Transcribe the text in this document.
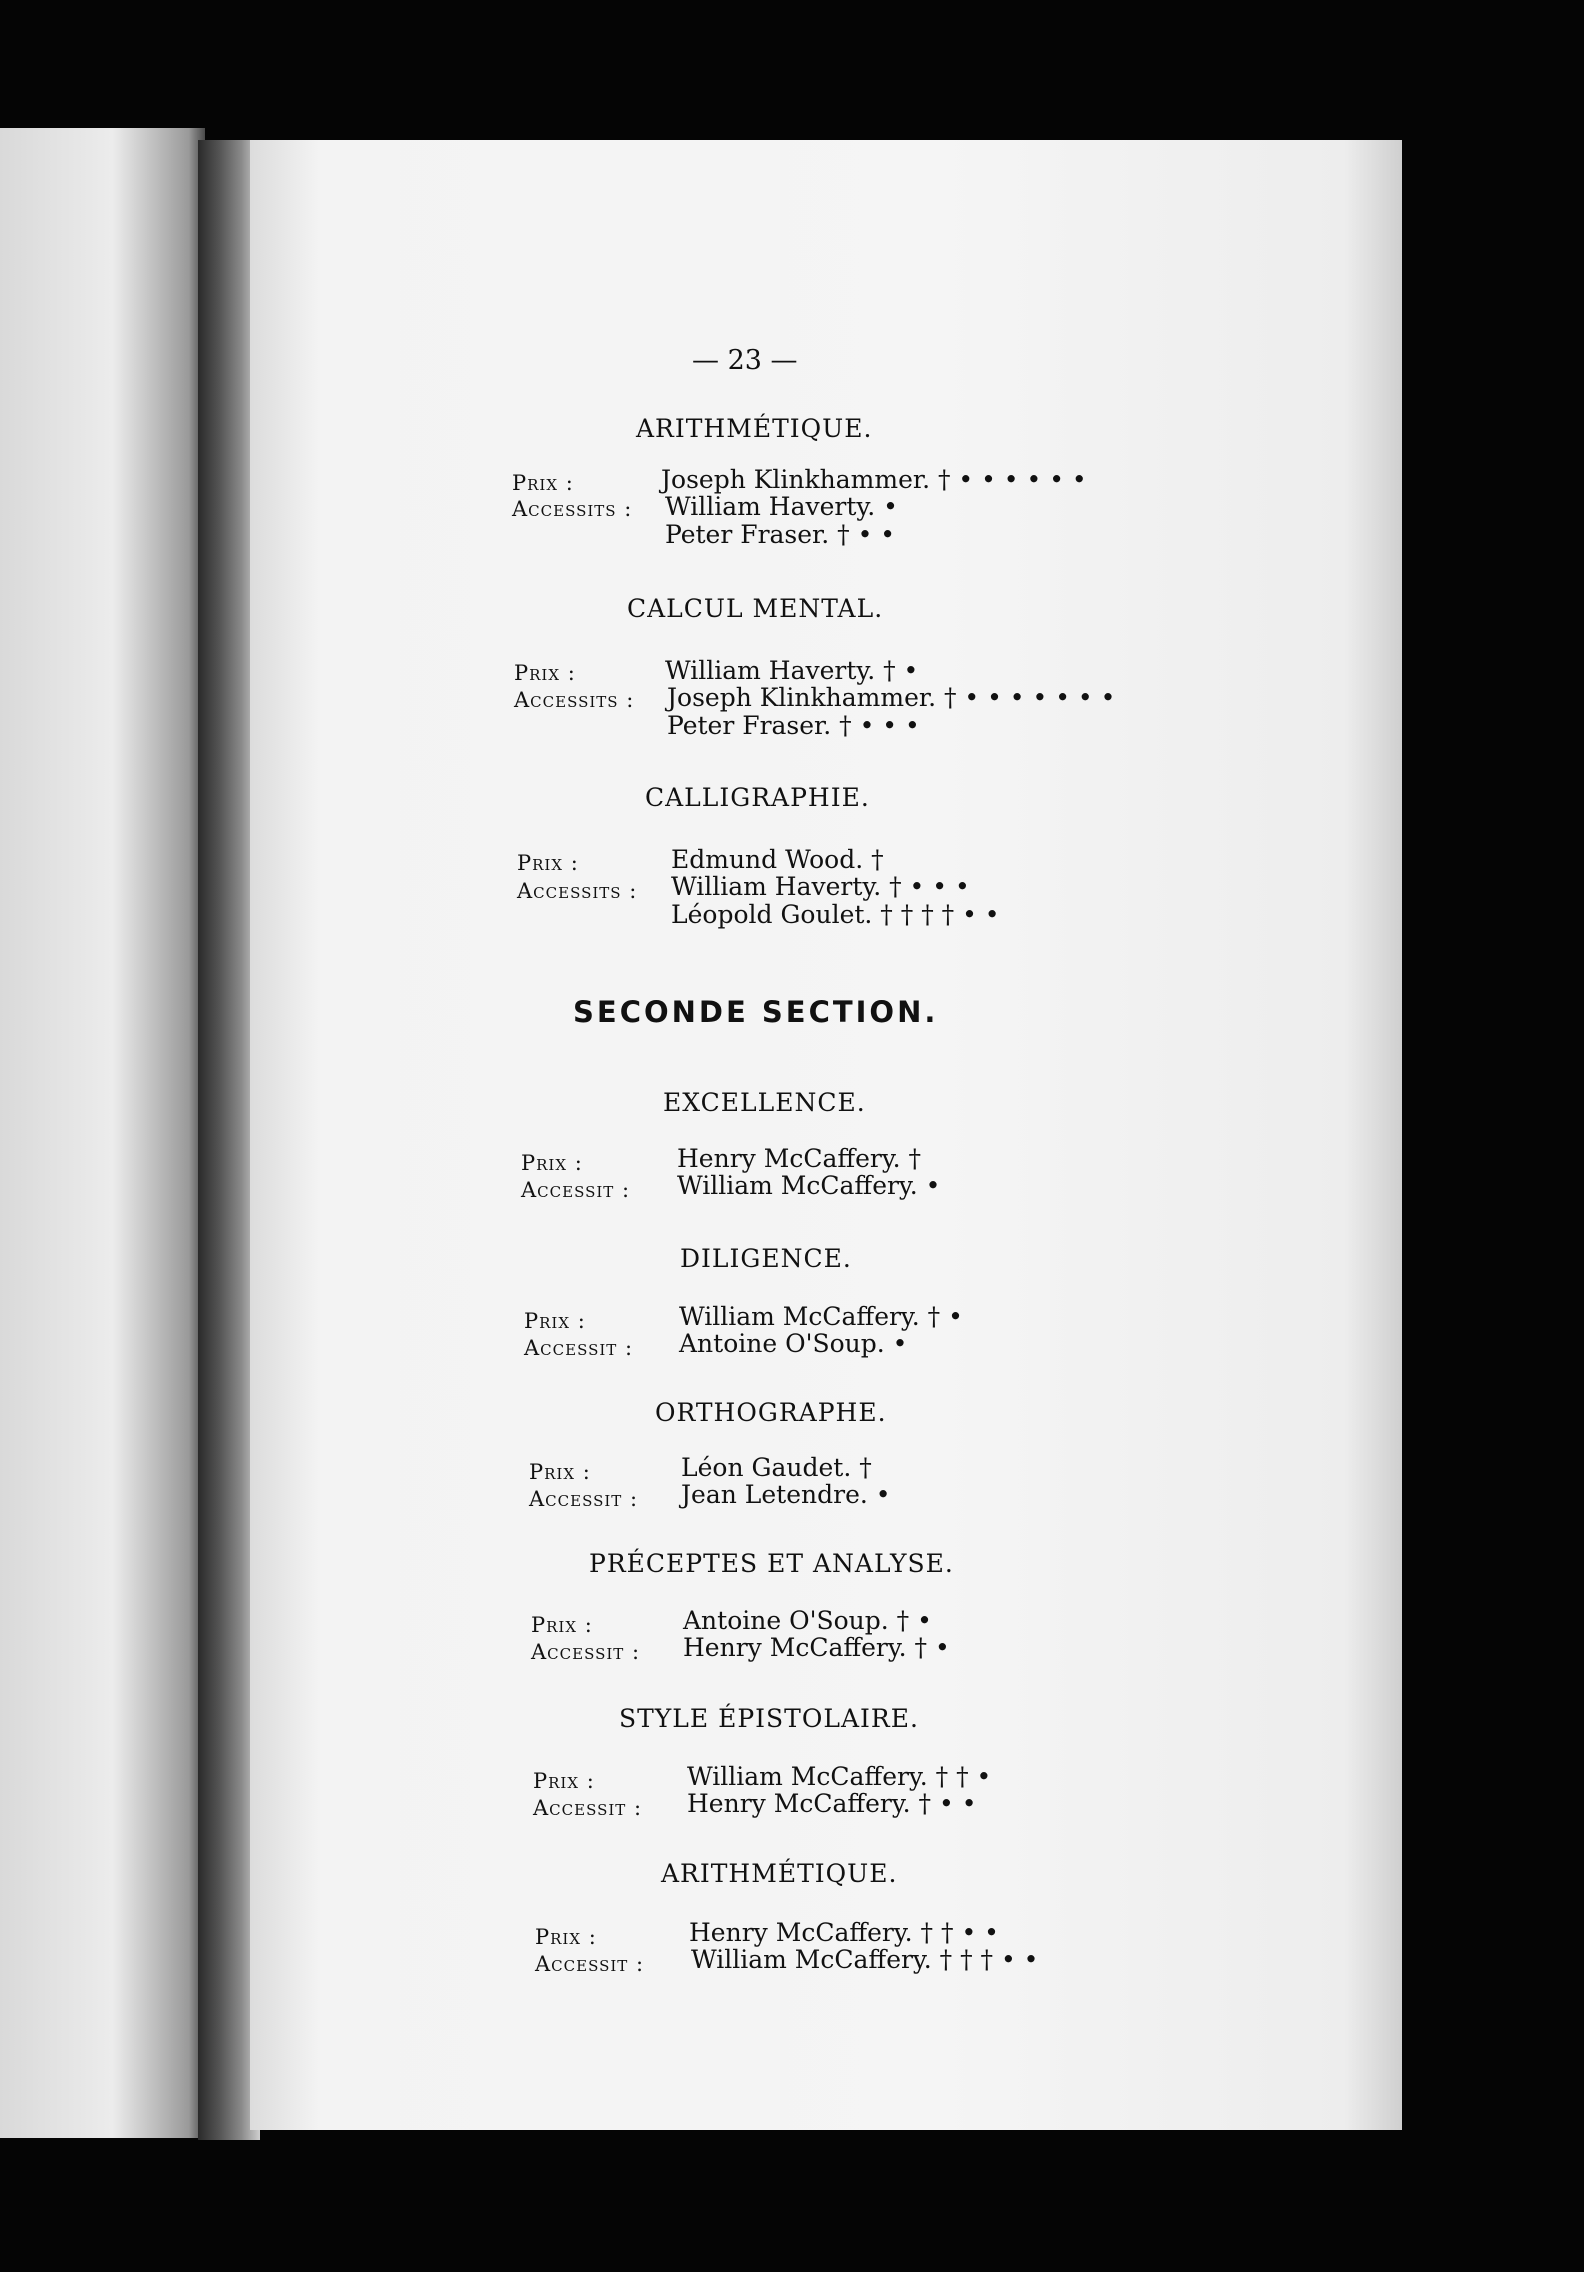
— 23 —
ARITHMÉTIQUE.
Prix :	Joseph Klinkhammer. † • • • • • •
Accessits : William Haverty. •
Peter Fraser. † • •
CALCUL MENTAL.
Prix :	William Haverty. † •
Accessits : Joseph Klinkhammer. † • • • • • • •
Peter Fraser. † • • •
CALLIGRAPHIE.
Prix :	Edmund Wood. †
Accessits : William Haverty. † • • •
Léopold Goulet. † † † † • •
SECONDE SECTION.
EXCELLENCE.
Prix :	Henry McCaffery. †
Accessit : William McCaffery. •
DILIGENCE.
Prix :	William McCaffery. † •
Accessit : Antoine O'Soup. •
ORTHOGRAPHE.
Prix :	Léon Gaudet. †
Accessit : Jean Letendre. •
PRÉCEPTES ET ANALYSE.
Prix :	Antoine O'Soup. † •
Accessit : Henry McCaffery. † •
STYLE ÉPISTOLAIRE.
Prix :	William McCaffery. † † •
Accessit : Henry McCaffery. † • •
ARITHMÉTIQUE.
Prix :	Henry McCaffery. † † • •
Accessit : William McCaffery. † † † • •
